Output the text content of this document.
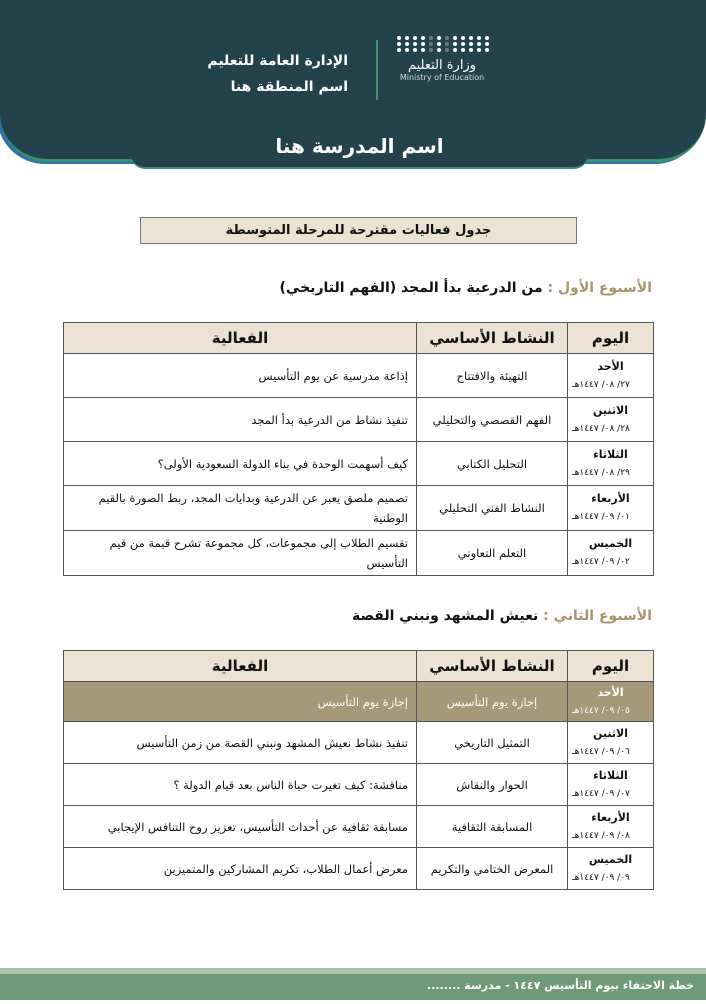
وزارة التعليم
Ministry of Education
الإدارة العامة للتعليم
اسم المنطقة هنا
اسم المدرسة هنا
جدول فعاليات مقترحة للمرحلة المتوسطة
الأسبوع الأول : من الدرعية بدأ المجد (الفهم التاريخي)
اليوم	النشاط الأساسي	الفعالية

الأحد
٢٧/ ٠٨/ ١٤٤٧هـ	التهيئة والافتتاح	إذاعة مدرسية عن يوم التأسيس

الاثنين
٢٨/ ٠٨/ ١٤٤٧هـ	الفهم القصصي والتحليلي	تنفيذ نشاط من الدرعية بدأ المجد

الثلاثاء
٢٩/ ٠٨/ ١٤٤٧هـ	التحليل الكتابي	كيف أسهمت الوحدة في بناء الدولة السعودية الأولى؟

الأربعاء
٠١/ ٠٩/ ١٤٤٧هـ	النشاط الفني التحليلي	تصميم ملصق يعبر عن الدرعية وبدايات المجد، ربط الصورة بالقيم الوطنية

الخميس
٠٢/ ٠٩/ ١٤٤٧هـ	التعلم التعاوني	تقسيم الطلاب إلى مجموعات، كل مجموعة تشرح قيمة من قيم التأسيس
الأسبوع الثاني : نعيش المشهد ونبني القصة
اليوم	النشاط الأساسي	الفعالية

الأحد
٠٥/ ٠٩/ ١٤٤٧هـ	إجازة يوم التأسيس	إجازة يوم التأسيس

الاثنين
٠٦/ ٠٩/ ١٤٤٧هـ	التمثيل التاريخي	تنفيذ نشاط نعيش المشهد ونبني القصة من زمن التأسيس

الثلاثاء
٠٧/ ٠٩/ ١٤٤٧هـ	الحوار والنقاش	مناقشة: كيف تغيرت حياة الناس بعد قيام الدولة ؟

الأربعاء
٠٨/ ٠٩/ ١٤٤٧هـ	المسابقة الثقافية	مسابقة ثقافية عن أحداث التأسيس، تعزيز روح التنافس الإيجابي

الخميس
٠٩/ ٠٩/ ١٤٤٧هـ	المعرض الختامي والتكريم	معرض أعمال الطلاب، تكريم المشاركين والمتميزين
خطة الاحتفاء بيوم التأسيس ١٤٤٧ - مدرسة ........
